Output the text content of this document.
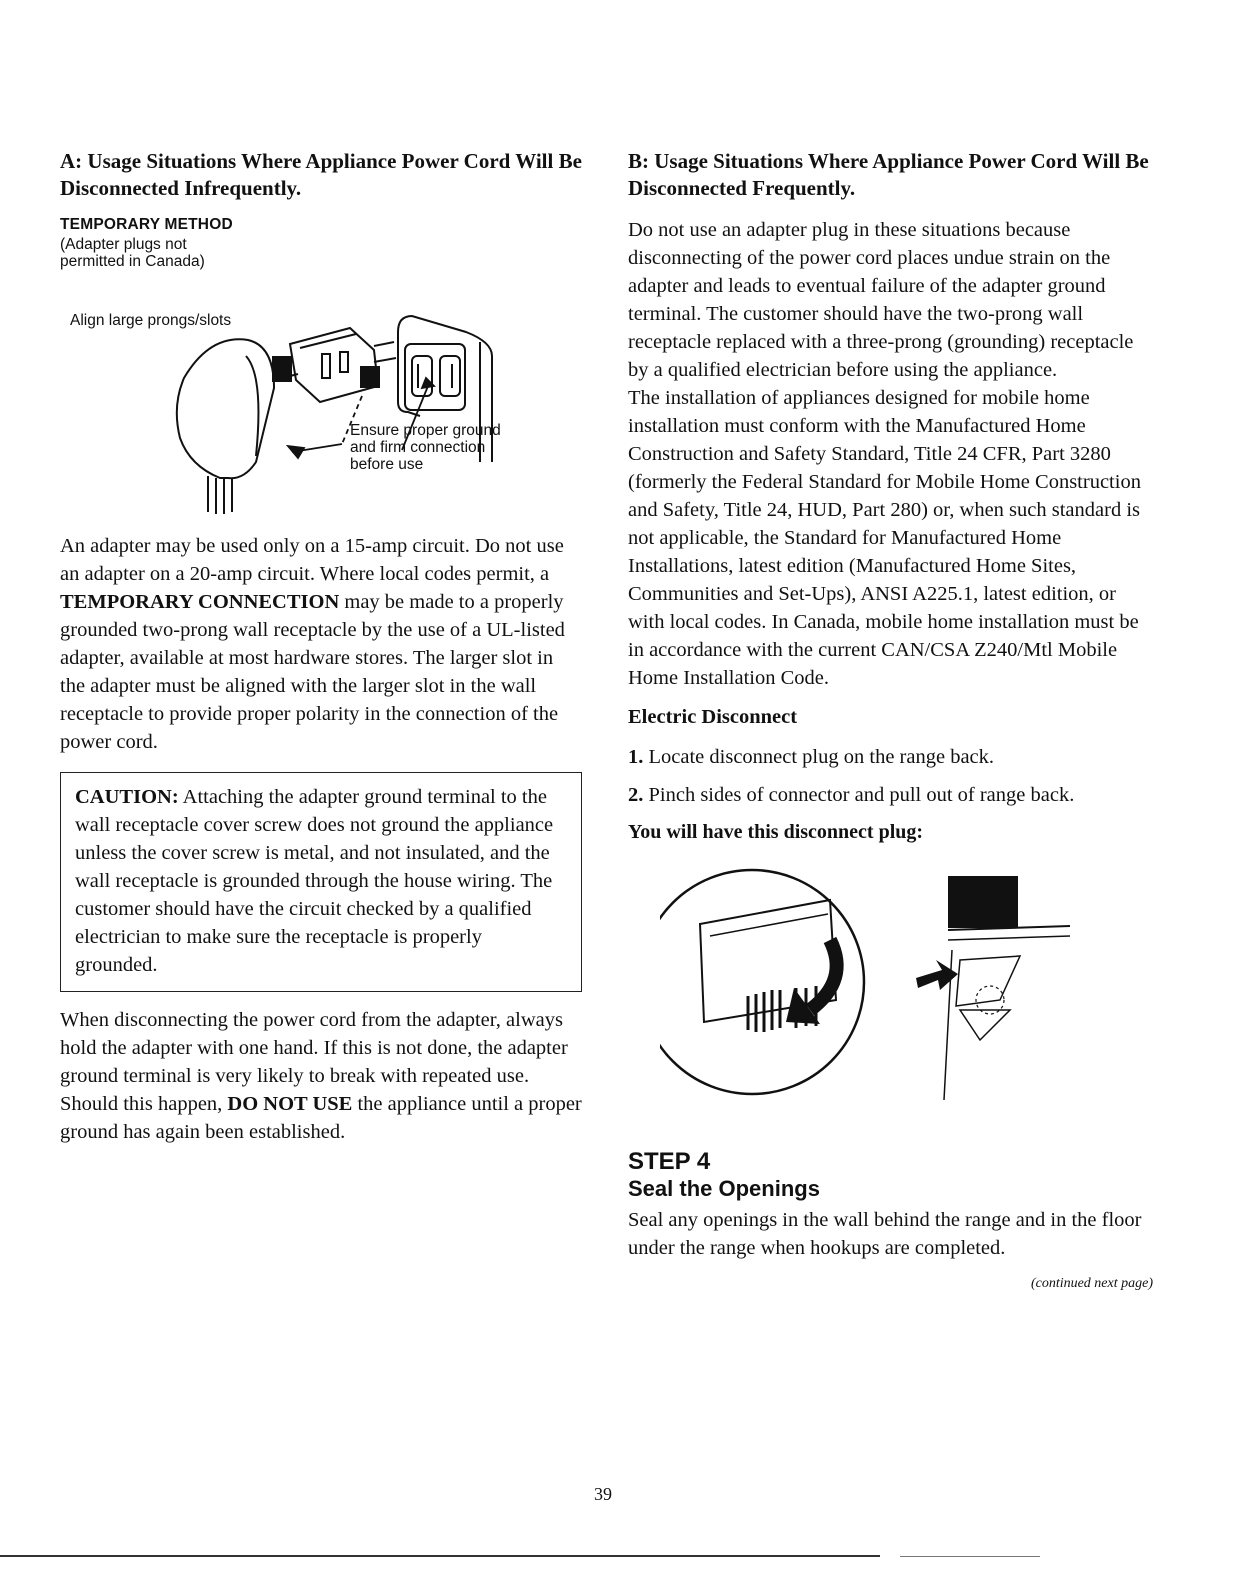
A: Usage Situations Where Appliance Power Cord Will Be Disconnected Infrequently.
TEMPORARY METHOD
(Adapter plugs not
permitted in Canada)
Align large prongs/slots
Ensure proper ground
and firm connection
before use

An adapter may be used only on a 15-amp circuit. Do not use an adapter on a 20-amp circuit. Where local codes permit, a TEMPORARY CONNECTION may be made to a properly grounded two-prong wall receptacle by the use of a UL-listed adapter, available at most hardware stores. The larger slot in the adapter must be aligned with the larger slot in the wall receptacle to provide proper polarity in the connection of the power cord.

CAUTION: Attaching the adapter ground terminal to the wall receptacle cover screw does not ground the appliance unless the cover screw is metal, and not insulated, and the wall receptacle is grounded through the house wiring. The customer should have the circuit checked by a qualified electrician to make sure the receptacle is properly grounded.

When disconnecting the power cord from the adapter, always hold the adapter with one hand. If this is not done, the adapter ground terminal is very likely to break with repeated use. Should this happen, DO NOT USE the appliance until a proper ground has again been established.

B: Usage Situations Where Appliance Power Cord Will Be Disconnected Frequently.

Do not use an adapter plug in these situations because disconnecting of the power cord places undue strain on the adapter and leads to eventual failure of the adapter ground terminal. The customer should have the two-prong wall receptacle replaced with a three-prong (grounding) receptacle by a qualified electrician before using the appliance.

The installation of appliances designed for mobile home installation must conform with the Manufactured Home Construction and Safety Standard, Title 24 CFR, Part 3280 (formerly the Federal Standard for Mobile Home Construction and Safety, Title 24, HUD, Part 280) or, when such standard is not applicable, the Standard for Manufactured Home Installations, latest edition (Manufactured Home Sites, Communities and Set-Ups), ANSI A225.1, latest edition, or with local codes. In Canada, mobile home installation must be in accordance with the current CAN/CSA Z240/Mtl Mobile Home Installation Code.

Electric Disconnect

1. Locate disconnect plug on the range back.

2. Pinch sides of connector and pull out of range back.

You will have this disconnect plug:

STEP 4

Seal the Openings

Seal any openings in the wall behind the range and in the floor under the range when hookups are completed.

(continued next page)

39
